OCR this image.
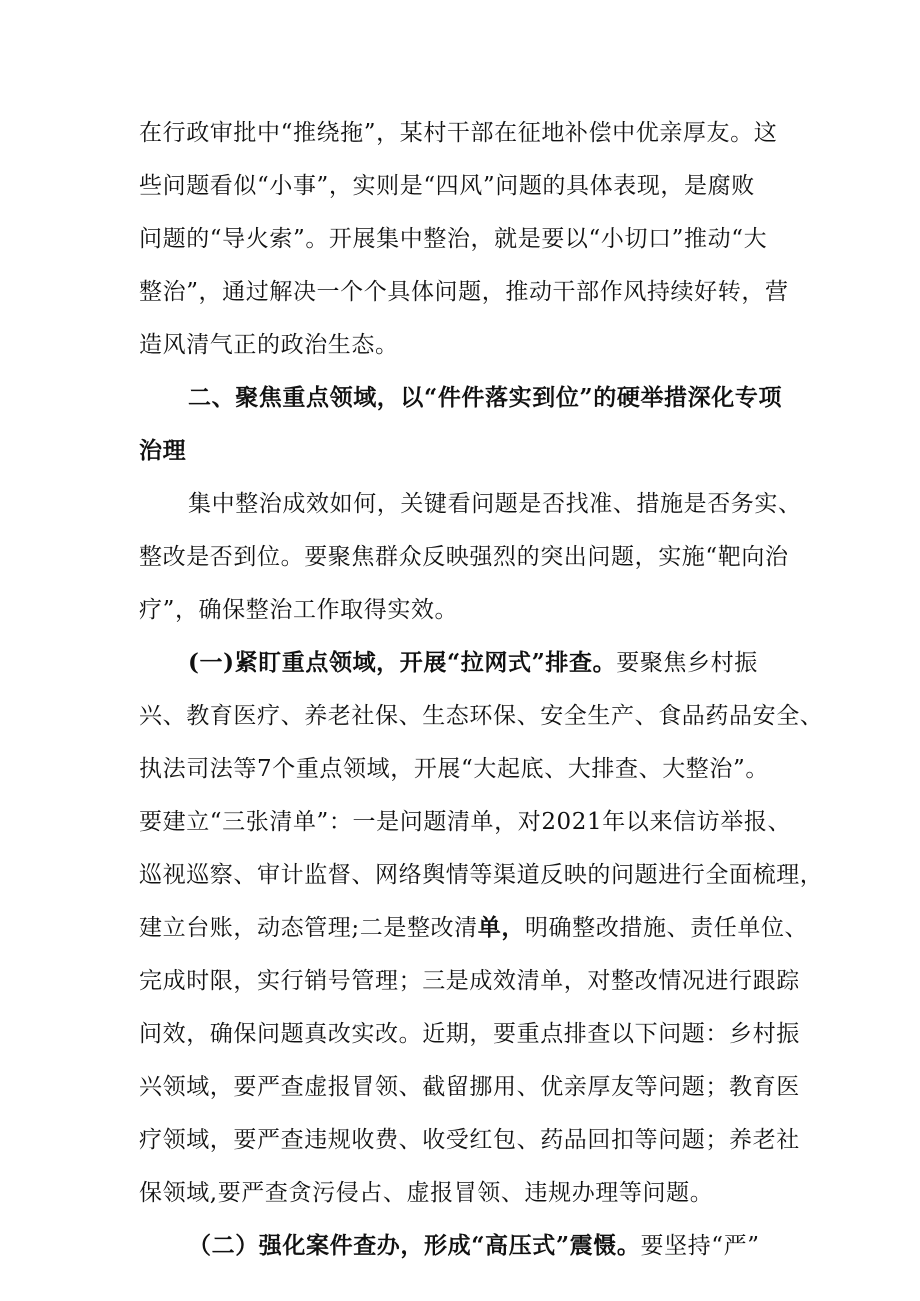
在行政审批中“推绕拖”，某村干部在征地补偿中优亲厚友。这
些问题看似“小事”，实则是“四风”问题的具体表现，是腐败
问题的“导火索”。开展集中整治，就是要以“小切口”推动“大
整治”，通过解决一个个具体问题，推动干部作风持续好转，营
造风清气正的政治生态。
二、聚焦重点领域，以“件件落实到位”的硬举措深化专项
治理
集中整治成效如何，关键看问题是否找准、措施是否务实、
整改是否到位。要聚焦群众反映强烈的突出问题，实施“靶向治
疗”，确保整治工作取得实效。
(一)紧盯重点领域，开展“拉网式”排查。要聚焦乡村振
兴、教育医疗、养老社保、生态环保、安全生产、食品药品安全、
执法司法等7个重点领域，开展“大起底、大排查、大整治”。
要建立“三张清单”：一是问题清单，对2021年以来信访举报、
巡视巡察、审计监督、网络舆情等渠道反映的问题进行全面梳理，
建立台账，动态管理;二是整改清单，明确整改措施、责任单位、
完成时限，实行销号管理；三是成效清单，对整改情况进行跟踪
问效，确保问题真改实改。近期，要重点排查以下问题：乡村振
兴领域，要严查虚报冒领、截留挪用、优亲厚友等问题；教育医
疗领域，要严查违规收费、收受红包、药品回扣等问题；养老社
保领域,要严查贪污侵占、虚报冒领、违规办理等问题。
（二）强化案件查办，形成“高压式”震慑。要坚持“严”
